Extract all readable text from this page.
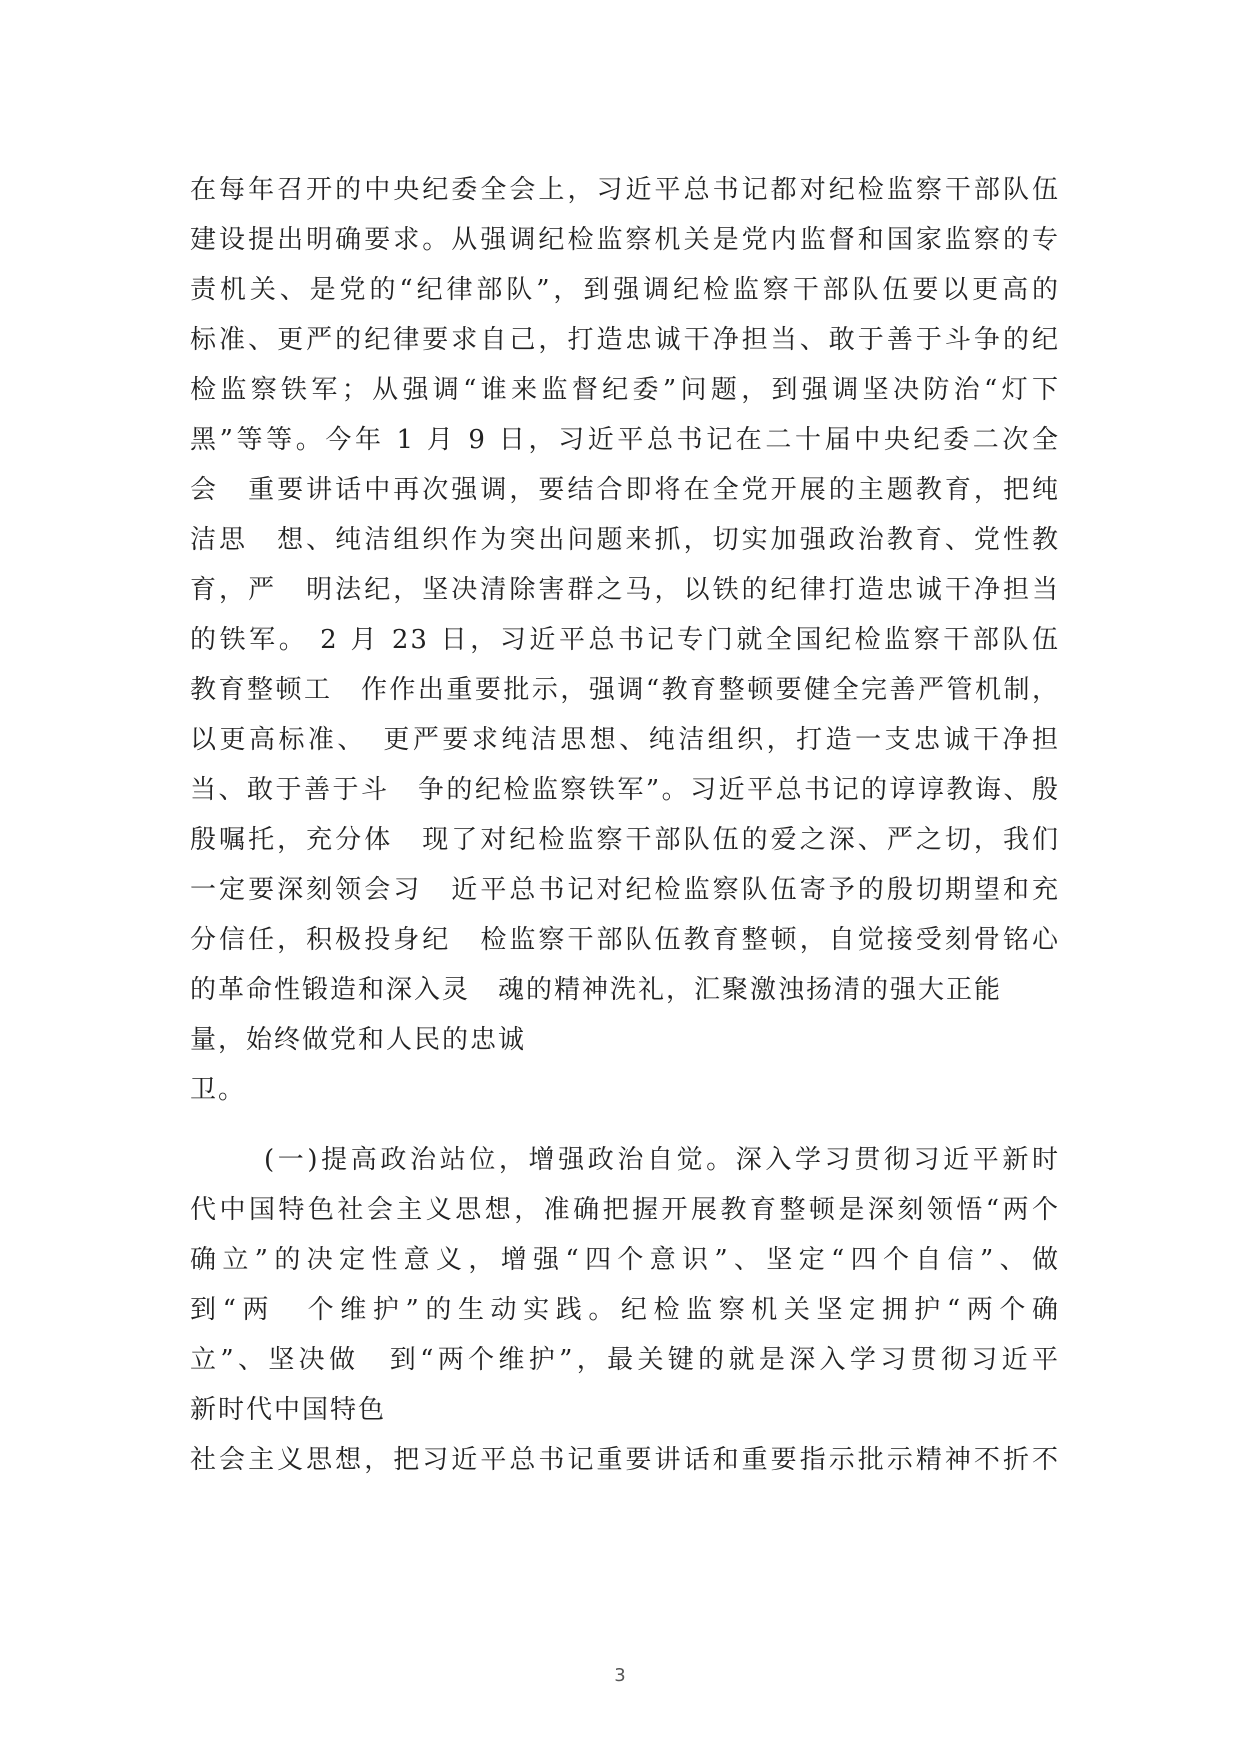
在每年召开的中央纪委全会上，习近平总书记都对纪检监察干部队伍
建设提出明确要求。从强调纪检监察机关是党内监督和国家监察的专
责机关、是党的“纪律部队”，到强调纪检监察干部队伍要以更高的
标准、更严的纪律要求自己，打造忠诚干净担当、敢于善于斗争的纪
检监察铁军；从强调“谁来监督纪委”问题，到强调坚决防治“灯下
黑”等等。今年 1 月 9 日，习近平总书记在二十届中央纪委二次全
会　重要讲话中再次强调，要结合即将在全党开展的主题教育，把纯
洁思　想、纯洁组织作为突出问题来抓，切实加强政治教育、党性教
育，严　明法纪，坚决清除害群之马，以铁的纪律打造忠诚干净担当
的铁军。 2 月 23 日，习近平总书记专门就全国纪检监察干部队伍
教育整顿工　作作出重要批示，强调“教育整顿要健全完善严管机制，
以更高标准、　更严要求纯洁思想、纯洁组织，打造一支忠诚干净担
当、敢于善于斗　争的纪检监察铁军”。习近平总书记的谆谆教诲、殷
殷嘱托，充分体　现了对纪检监察干部队伍的爱之深、严之切，我们
一定要深刻领会习　近平总书记对纪检监察队伍寄予的殷切期望和充
分信任，积极投身纪　检监察干部队伍教育整顿，自觉接受刻骨铭心
的革命性锻造和深入灵　魂的精神洗礼，汇聚激浊扬清的强大正能
量，始终做党和人民的忠诚
卫。
(一)提高政治站位，增强政治自觉。深入学习贯彻习近平新时
代中国特色社会主义思想，准确把握开展教育整顿是深刻领悟“两个
确立”的决定性意义，增强“四个意识”、坚定“四个自信”、做
到“两　个维护”的生动实践。纪检监察机关坚定拥护“两个确
立”、坚决做　到“两个维护”，最关键的就是深入学习贯彻习近平
新时代中国特色
社会主义思想，把习近平总书记重要讲话和重要指示批示精神不折不
3
